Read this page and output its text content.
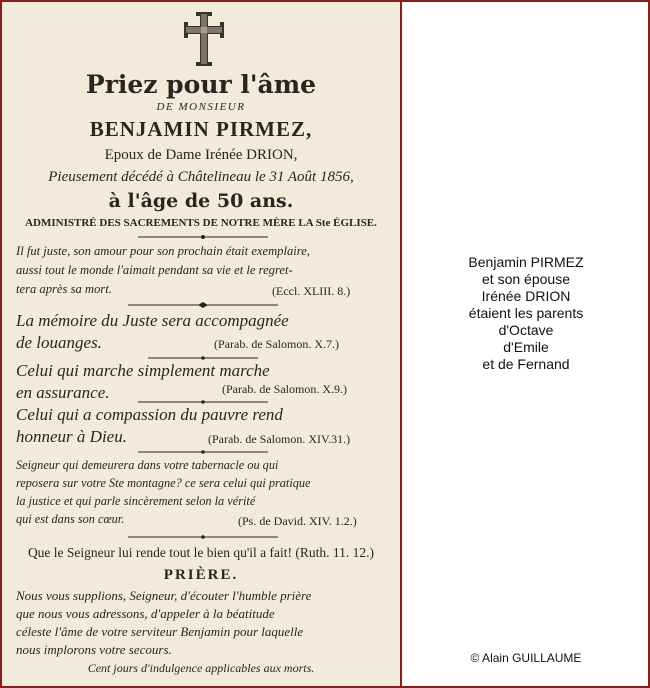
Priez pour l'âme
DE MONSIEUR
BENJAMIN PIRMEZ,
Epoux de Dame Irénée DRION,
Pieusement décédé à Châtelineau le 31 Août 1856,
à l'âge de 50 ans.
ADMINISTRÉ DES SACREMENTS DE NOTRE MÈRE LA Ste ÉGLISE.
Il fut juste, son amour pour son prochain était exemplaire,
aussi tout le monde l'aimait pendant sa vie et le regret-
tera après sa mort.	(Eccl. XLIII. 8.)
La mémoire du Juste sera accompagnée
de louanges.	(Parab. de Salomon. X.7.)
Celui qui marche simplement marche
en assurance.	(Parab. de Salomon. X.9.)
Celui qui a compassion du pauvre rend
honneur à Dieu.	(Parab. de Salomon. XIV.31.)
Seigneur qui demeurera dans votre tabernacle ou qui
reposera sur votre Ste montagne? ce sera celui qui pratique
la justice et qui parle sincèrement selon la vérité
qui est dans son cœur.	(Ps. de David. XIV. 1.2.)
Que le Seigneur lui rende tout le bien qu'il a fait! (Ruth. 11. 12.)
PRIÈRE.
Nous vous supplions, Seigneur, d'écouter l'humble prière
que nous vous adressons, d'appeler à la béatitude
céleste l'âme de votre serviteur Benjamin pour laquelle
nous implorons votre secours.
Cent jours d'indulgence applicables aux morts.
Benjamin PIRMEZ
et son épouse
Irénée DRION
étaient les parents
d'Octave
d'Emile
et de Fernand
© Alain GUILLAUME
